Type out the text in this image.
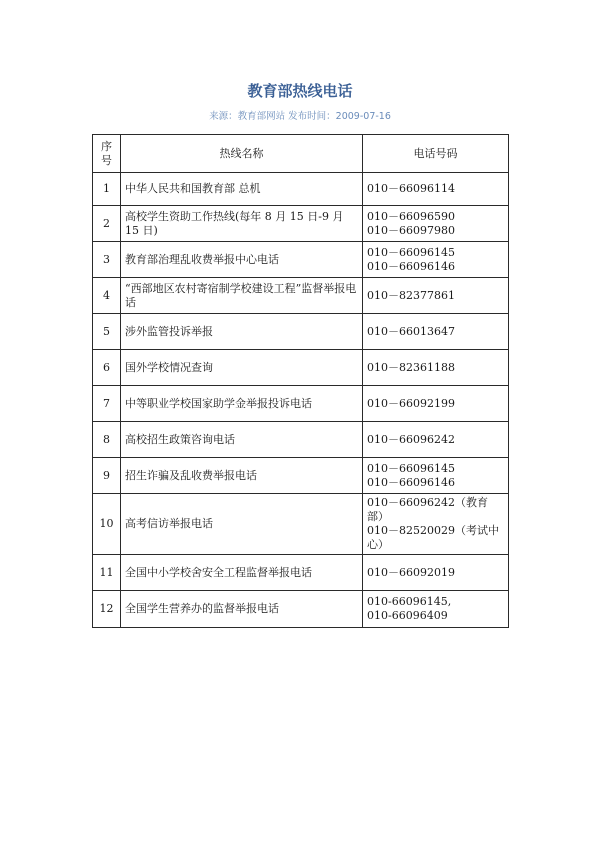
教育部热线电话
来源：教育部网站 发布时间：2009-07-16
序号	热线名称	电话号码
1	中华人民共和国教育部 总机	010－66096114

2	高校学生资助工作热线(每年 8 月 15 日-9 月 15 日)	010－66096590
010－66097980

3	教育部治理乱收费举报中心电话	010－66096145
010－66096146

4	“西部地区农村寄宿制学校建设工程”监督举报电话	010－82377861

5	涉外监管投诉举报	010－66013647

6	国外学校情况查询	010－82361188

7	中等职业学校国家助学金举报投诉电话	010－66092199

8	高校招生政策咨询电话	010－66096242

9	招生诈骗及乱收费举报电话	010－66096145
010－66096146

10	高考信访举报电话	010－66096242（教育部）
010－82520029（考试中心）

11	全国中小学校舍安全工程监督举报电话	010－66092019

12	全国学生营养办的监督举报电话	010-66096145,
010-66096409
